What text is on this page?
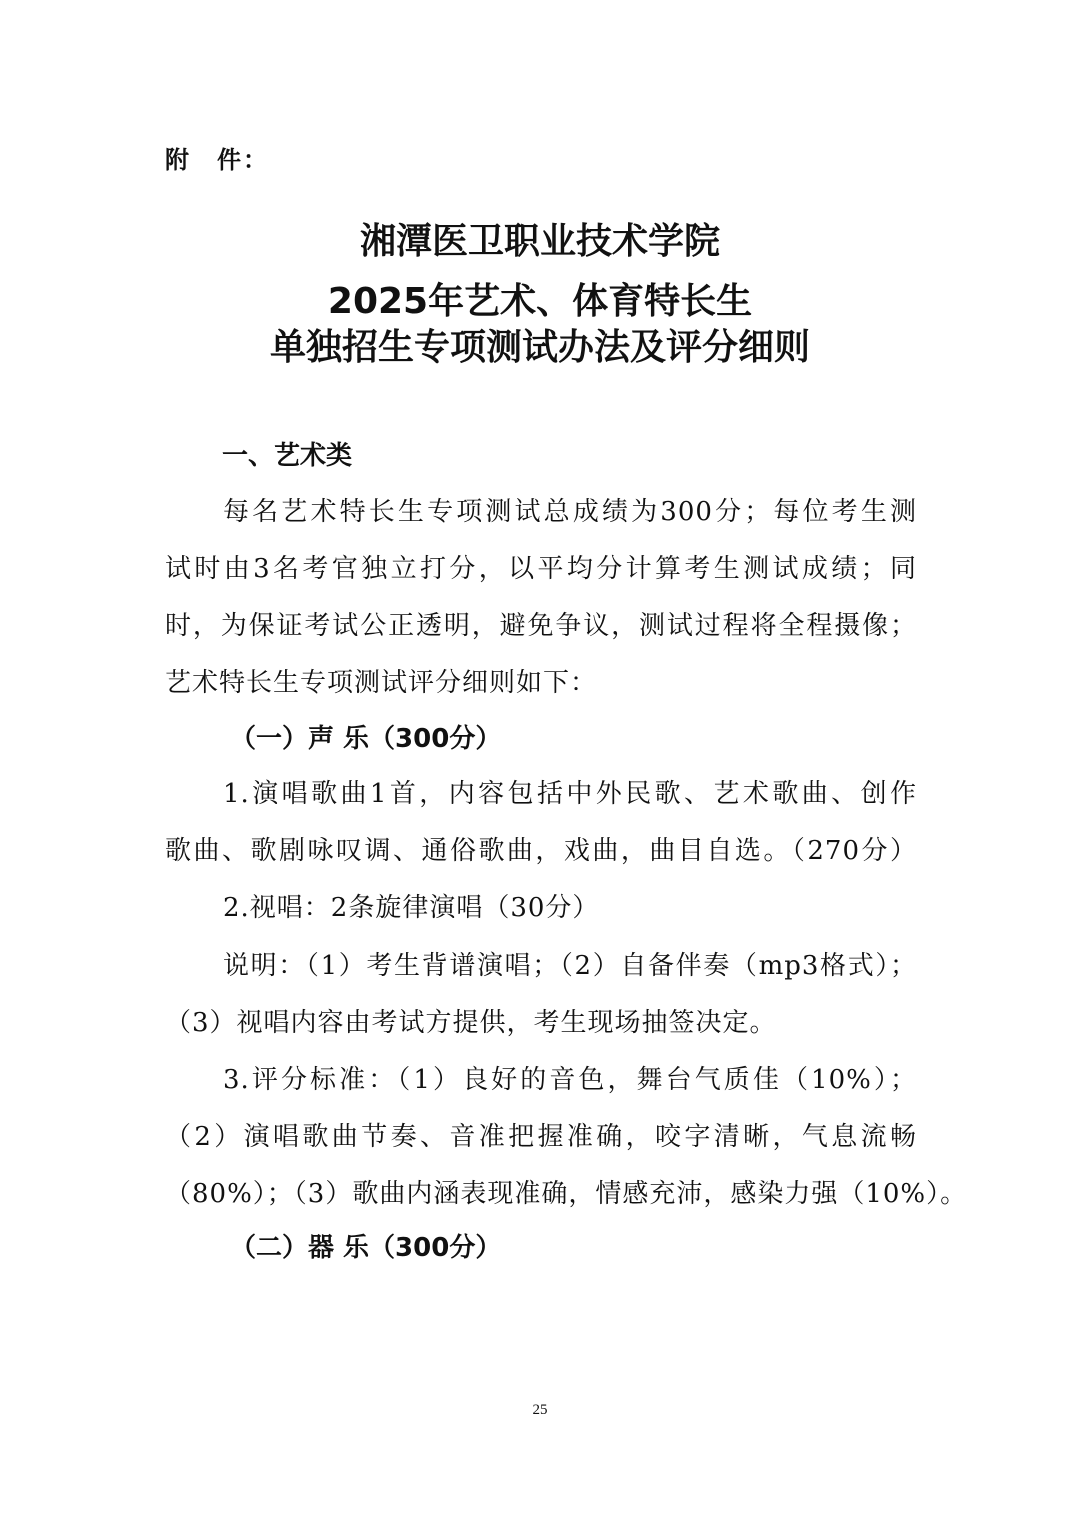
附　件：
湘潭医卫职业技术学院
2025年艺术、体育特长生
单独招生专项测试办法及评分细则
一、艺术类
每名艺术特长生专项测试总成绩为300分；每位考生测
试时由3名考官独立打分，以平均分计算考生测试成绩；同
时，为保证考试公正透明，避免争议，测试过程将全程摄像；
艺术特长生专项测试评分细则如下：
（一）声 乐（300分）
1.演唱歌曲1首，内容包括中外民歌、艺术歌曲、创作
歌曲、歌剧咏叹调、通俗歌曲，戏曲，曲目自选。（270分）
2.视唱：2条旋律演唱（30分）
说明：（1）考生背谱演唱；（2）自备伴奏（mp3格式）；
（3）视唱内容由考试方提供，考生现场抽签决定。
3.评分标准：（1）良好的音色，舞台气质佳（10%）；
（2）演唱歌曲节奏、音准把握准确，咬字清晰，气息流畅
（80%）；（3）歌曲内涵表现准确，情感充沛，感染力强（10%）。
（二）器 乐（300分）
25
